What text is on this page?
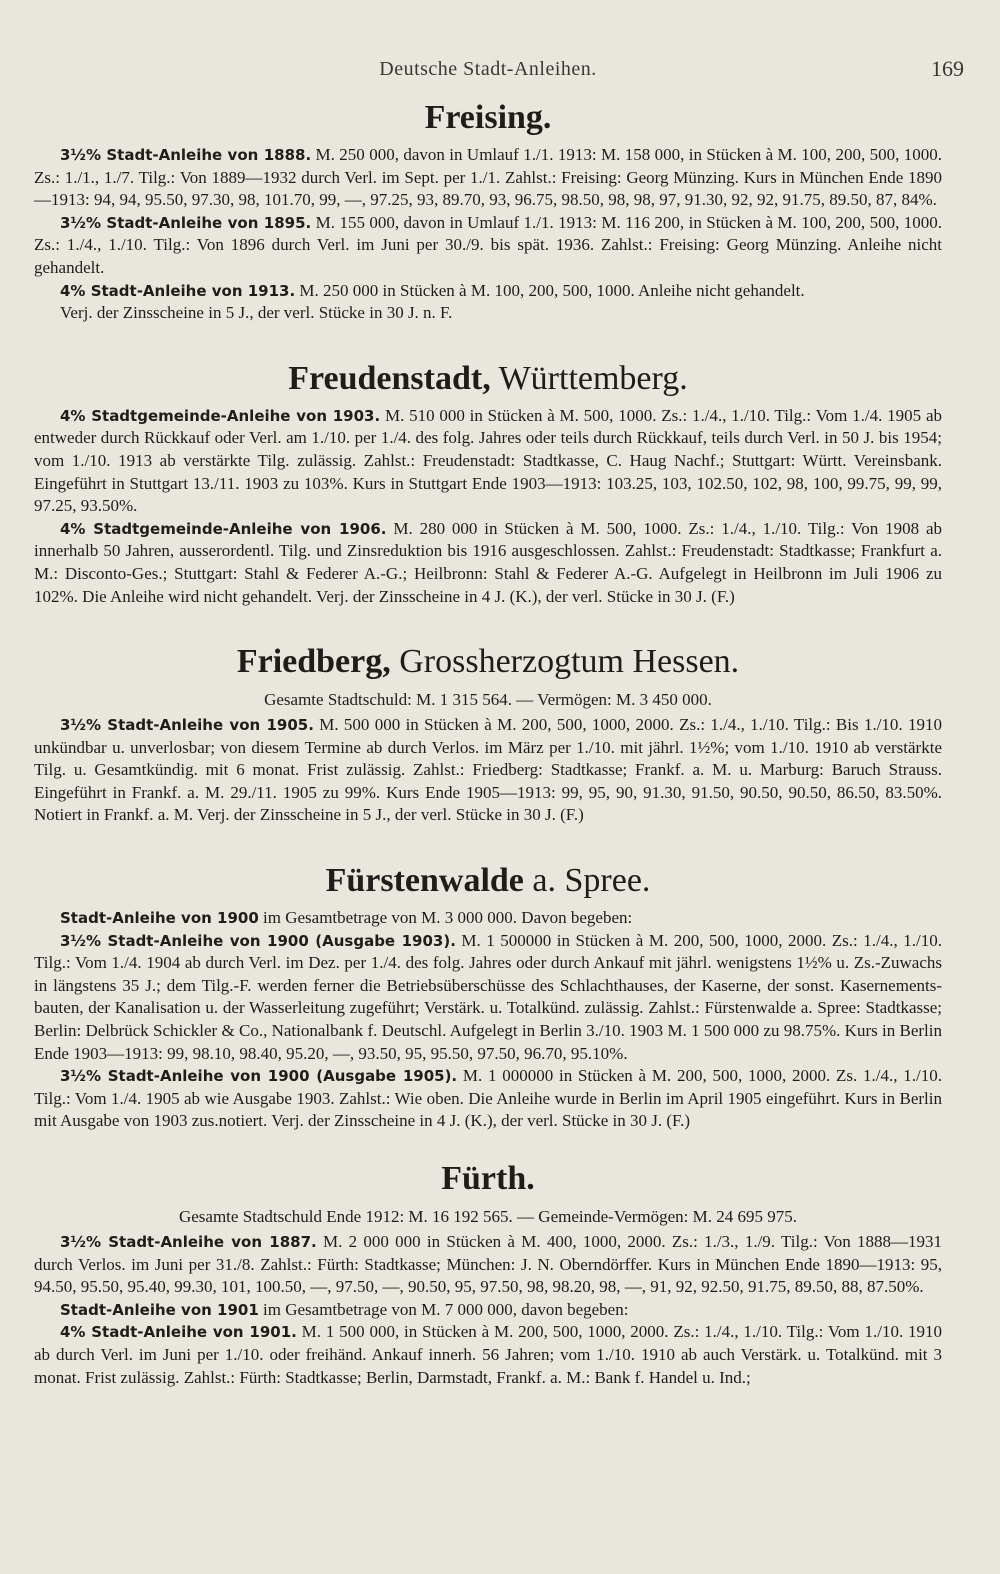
Deutsche Stadt-Anleihen.	169
Freising.

3½% Stadt-Anleihe von 1888. M. 250 000, davon in Umlauf 1./1. 1913: M. 158 000, in Stücken à M. 100, 200, 500, 1000. Zs.: 1./1., 1./7. Tilg.: Von 1889—1932 durch Verl. im Sept. per 1./1. Zahlst.: Freising: Georg Münzing. Kurs in München Ende 1890—1913: 94, 94, 95.50, 97.30, 98, 101.70, 99, —, 97.25, 93, 89.70, 93, 96.75, 98.50, 98, 98, 97, 91.30, 92, 92, 91.75, 89.50, 87, 84%.

3½% Stadt-Anleihe von 1895. M. 155 000, davon in Umlauf 1./1. 1913: M. 116 200, in Stücken à M. 100, 200, 500, 1000. Zs.: 1./4., 1./10. Tilg.: Von 1896 durch Verl. im Juni per 30./9. bis spät. 1936. Zahlst.: Freising: Georg Münzing. Anleihe nicht gehandelt.

4% Stadt-Anleihe von 1913. M. 250 000 in Stücken à M. 100, 200, 500, 1000. Anleihe nicht gehandelt.

Verj. der Zinsscheine in 5 J., der verl. Stücke in 30 J. n. F.

Freudenstadt, Württemberg.

4% Stadtgemeinde-Anleihe von 1903. M. 510 000 in Stücken à M. 500, 1000. Zs.: 1./4., 1./10. Tilg.: Vom 1./4. 1905 ab entweder durch Rückkauf oder Verl. am 1./10. per 1./4. des folg. Jahres oder teils durch Rückkauf, teils durch Verl. in 50 J. bis 1954; vom 1./10. 1913 ab verstärkte Tilg. zulässig. Zahlst.: Freudenstadt: Stadtkasse, C. Haug Nachf.; Stuttgart: Württ. Vereinsbank. Eingeführt in Stuttgart 13./11. 1903 zu 103%. Kurs in Stuttgart Ende 1903—1913: 103.25, 103, 102.50, 102, 98, 100, 99.75, 99, 99, 97.25, 93.50%.

4% Stadtgemeinde-Anleihe von 1906. M. 280 000 in Stücken à M. 500, 1000. Zs.: 1./4., 1./10. Tilg.: Von 1908 ab innerhalb 50 Jahren, ausserordentl. Tilg. und Zinsreduktion bis 1916 ausgeschlossen. Zahlst.: Freudenstadt: Stadtkasse; Frankfurt a. M.: Disconto-Ges.; Stuttgart: Stahl & Federer A.-G.; Heilbronn: Stahl & Federer A.-G. Aufgelegt in Heilbronn im Juli 1906 zu 102%. Die Anleihe wird nicht gehandelt. Verj. der Zinsscheine in 4 J. (K.), der verl. Stücke in 30 J. (F.)

Friedberg, Grossherzogtum Hessen.
Gesamte Stadtschuld: M. 1 315 564. — Vermögen: M. 3 450 000.

3½% Stadt-Anleihe von 1905. M. 500 000 in Stücken à M. 200, 500, 1000, 2000. Zs.: 1./4., 1./10. Tilg.: Bis 1./10. 1910 unkündbar u. unverlosbar; von diesem Termine ab durch Verlos. im März per 1./10. mit jährl. 1½%; vom 1./10. 1910 ab verstärkte Tilg. u. Gesamtkündig. mit 6 monat. Frist zulässig. Zahlst.: Friedberg: Stadtkasse; Frankf. a. M. u. Marburg: Baruch Strauss. Eingeführt in Frankf. a. M. 29./11. 1905 zu 99%. Kurs Ende 1905—1913: 99, 95, 90, 91.30, 91.50, 90.50, 90.50, 86.50, 83.50%. Notiert in Frankf. a. M. Verj. der Zinsscheine in 5 J., der verl. Stücke in 30 J. (F.)

Fürstenwalde a. Spree.

Stadt-Anleihe von 1900 im Gesamtbetrage von M. 3 000 000. Davon begeben:

3½% Stadt-Anleihe von 1900 (Ausgabe 1903). M. 1 500000 in Stücken à M. 200, 500, 1000, 2000. Zs.: 1./4., 1./10. Tilg.: Vom 1./4. 1904 ab durch Verl. im Dez. per 1./4. des folg. Jahres oder durch Ankauf mit jährl. wenigstens 1½% u. Zs.-Zuwachs in längstens 35 J.; dem Tilg.-F. werden ferner die Betriebsüberschüsse des Schlachthauses, der Kaserne, der sonst. Kasernements-bauten, der Kanalisation u. der Wasserleitung zugeführt; Verstärk. u. Totalkünd. zulässig. Zahlst.: Fürstenwalde a. Spree: Stadtkasse; Berlin: Delbrück Schickler & Co., Nationalbank f. Deutschl. Aufgelegt in Berlin 3./10. 1903 M. 1 500 000 zu 98.75%. Kurs in Berlin Ende 1903—1913: 99, 98.10, 98.40, 95.20, —, 93.50, 95, 95.50, 97.50, 96.70, 95.10%.

3½% Stadt-Anleihe von 1900 (Ausgabe 1905). M. 1 000000 in Stücken à M. 200, 500, 1000, 2000. Zs. 1./4., 1./10. Tilg.: Vom 1./4. 1905 ab wie Ausgabe 1903. Zahlst.: Wie oben. Die Anleihe wurde in Berlin im April 1905 eingeführt. Kurs in Berlin mit Ausgabe von 1903 zus.notiert. Verj. der Zinsscheine in 4 J. (K.), der verl. Stücke in 30 J. (F.)

Fürth.
Gesamte Stadtschuld Ende 1912: M. 16 192 565. — Gemeinde-Vermögen: M. 24 695 975.

3½% Stadt-Anleihe von 1887. M. 2 000 000 in Stücken à M. 400, 1000, 2000. Zs.: 1./3., 1./9. Tilg.: Von 1888—1931 durch Verlos. im Juni per 31./8. Zahlst.: Fürth: Stadtkasse; München: J. N. Oberndörffer. Kurs in München Ende 1890—1913: 95, 94.50, 95.50, 95.40, 99.30, 101, 100.50, —, 97.50, —, 90.50, 95, 97.50, 98, 98.20, 98, —, 91, 92, 92.50, 91.75, 89.50, 88, 87.50%.

Stadt-Anleihe von 1901 im Gesamtbetrage von M. 7 000 000, davon begeben:

4% Stadt-Anleihe von 1901. M. 1 500 000, in Stücken à M. 200, 500, 1000, 2000. Zs.: 1./4., 1./10. Tilg.: Vom 1./10. 1910 ab durch Verl. im Juni per 1./10. oder freihänd. Ankauf innerh. 56 Jahren; vom 1./10. 1910 ab auch Verstärk. u. Totalkünd. mit 3 monat. Frist zulässig. Zahlst.: Fürth: Stadtkasse; Berlin, Darmstadt, Frankf. a. M.: Bank f. Handel u. Ind.;
